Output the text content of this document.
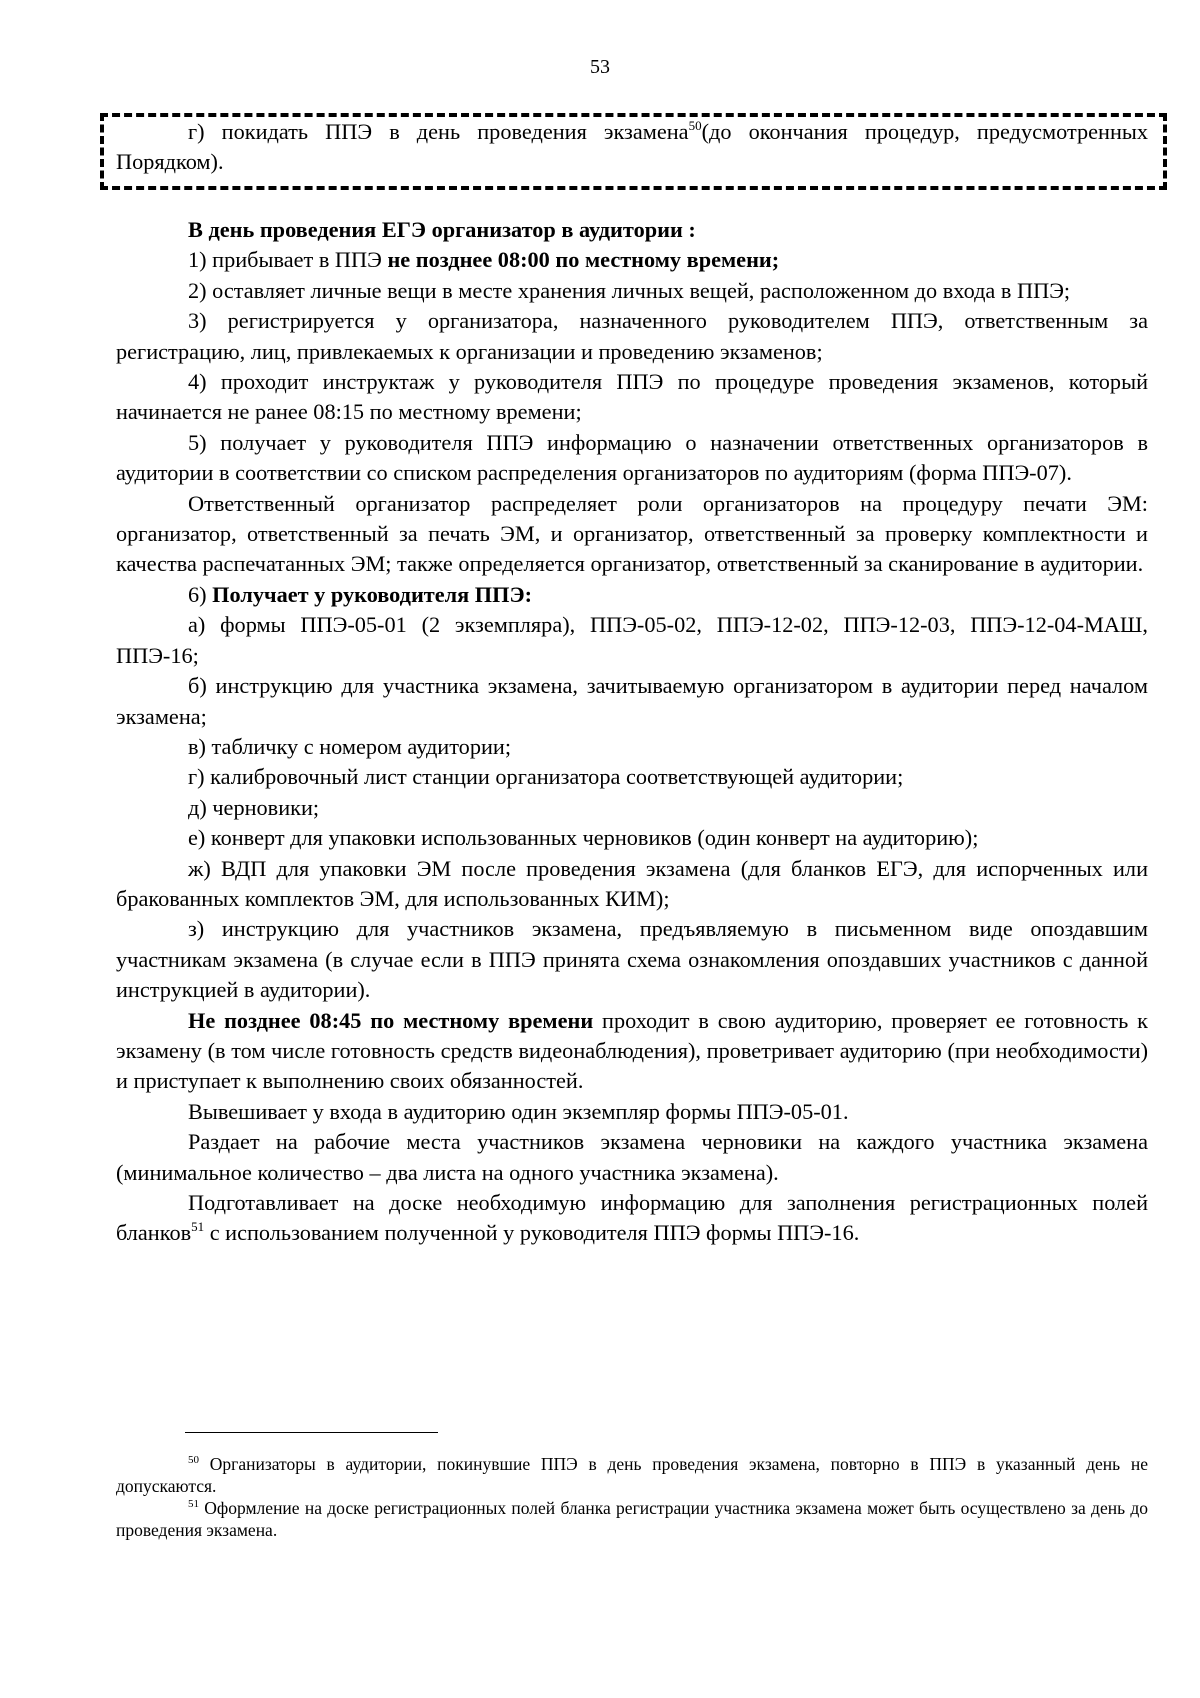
53

г) покидать ППЭ в день проведения экзамена$^{50}$(до окончания процедур, предусмотренных Порядком).

В день проведения ЕГЭ организатор в аудитории :

1) прибывает в ППЭ не позднее 08:00 по местному времени;

2) оставляет личные вещи в месте хранения личных вещей, расположенном до входа в ППЭ;

3) регистрируется у организатора, назначенного руководителем ППЭ, ответственным за регистрацию, лиц, привлекаемых к организации и проведению экзаменов;

4) проходит инструктаж у руководителя ППЭ по процедуре проведения экзаменов, который начинается не ранее 08:15 по местному времени;

5) получает у руководителя ППЭ информацию о назначении ответственных организаторов в аудитории в соответствии со списком распределения организаторов по аудиториям (форма ППЭ-07).

Ответственный организатор распределяет роли организаторов на процедуру печати ЭМ: организатор, ответственный за печать ЭМ, и организатор, ответственный за проверку комплектности и качества распечатанных ЭМ; также определяется организатор, ответственный за сканирование в аудитории.

6) Получает у руководителя ППЭ:

а) формы ППЭ-05-01 (2 экземпляра), ППЭ-05-02, ППЭ-12-02, ППЭ-12-03, ППЭ-12-04-МАШ, ППЭ-16;

б) инструкцию для участника экзамена, зачитываемую организатором в аудитории перед началом экзамена;

в) табличку с номером аудитории;

г) калибровочный лист станции организатора соответствующей аудитории;

д) черновики;

е) конверт для упаковки использованных черновиков (один конверт на аудиторию);

ж) ВДП для упаковки ЭМ после проведения экзамена (для бланков ЕГЭ, для испорченных или бракованных комплектов ЭМ, для использованных КИМ);

з) инструкцию для участников экзамена, предъявляемую в письменном виде опоздавшим участникам экзамена (в случае если в ППЭ принята схема ознакомления опоздавших участников с данной инструкцией в аудитории).

Не позднее 08:45 по местному времени проходит в свою аудиторию, проверяет ее готовность к экзамену (в том числе готовность средств видеонаблюдения), проветривает аудиторию (при необходимости) и приступает к выполнению своих обязанностей.

Вывешивает у входа в аудиторию один экземпляр формы ППЭ-05-01.

Раздает на рабочие места участников экзамена черновики на каждого участника экзамена (минимальное количество – два листа на одного участника экзамена).

Подготавливает на доске необходимую информацию для заполнения регистрационных полей бланков$^{51}$ с использованием полученной у руководителя ППЭ формы ППЭ-16.

$^{50}$ Организаторы в аудитории, покинувшие ППЭ в день проведения экзамена, повторно в ППЭ в указанный день не допускаются.

$^{51}$ Оформление на доске регистрационных полей бланка регистрации участника экзамена может быть осуществлено за день до проведения экзамена.
